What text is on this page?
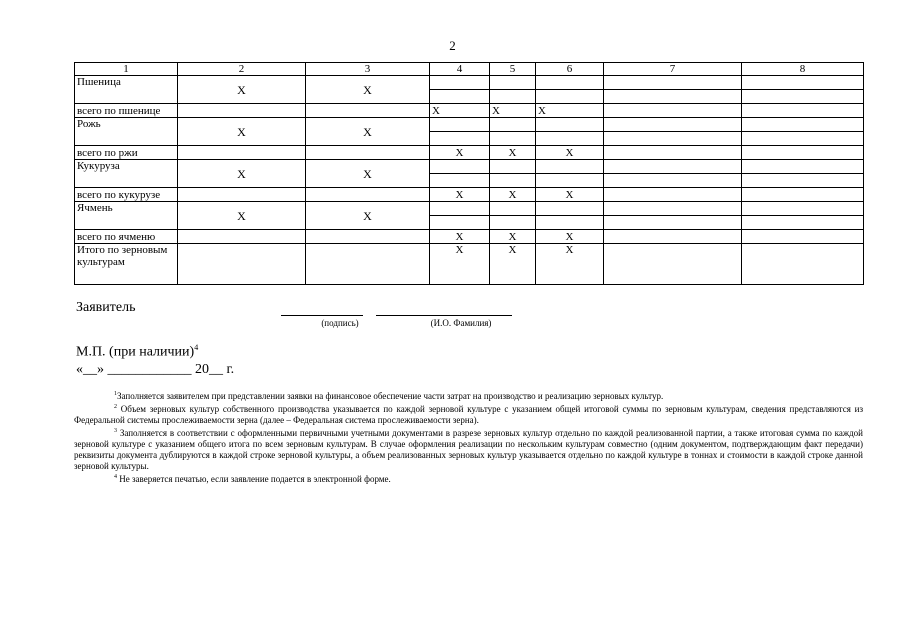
2
1	2	3	4	5	6	7	8
Пшеница	X	X					

всего по пшенице			X	X	X		
Рожь	X	X					

всего по ржи			X	X	X		
Кукуруза	X	X					

всего по кукурузе			X	X	X		
Ячмень	X	X					

всего по ячменю			X	X	X		
Итого по зерновым культурам			X	X	X		
Заявитель
(подпись)	(И.О. Фамилия)
М.П. (при наличии)$^4$
«__» ____________ 20__ г.

$^1$Заполняется заявителем при представлении заявки на финансовое обеспечение части затрат на производство и реализацию зерновых культур.

$^2$ Объем зерновых культур собственного производства указывается по каждой зерновой культуре с указанием общей итоговой суммы по зерновым культурам, сведения представляются из Федеральной системы прослеживаемости зерна (далее – Федеральная система прослеживаемости зерна).

$^3$ Заполняется в соответствии с оформленными первичными учетными документами в разрезе зерновых культур отдельно по каждой реализованной партии, а также итоговая сумма по каждой зерновой культуре с указанием общего итога по всем зерновым культурам. В случае оформления реализации по нескольким культурам совместно (одним документом, подтверждающим факт передачи) реквизиты документа дублируются в каждой строке зерновой культуры, а объем реализованных зерновых культур указывается отдельно по каждой культуре в тоннах и стоимости в каждой строке данной зерновой культуры.

$^4$ Не заверяется печатью, если заявление подается в электронной форме.
